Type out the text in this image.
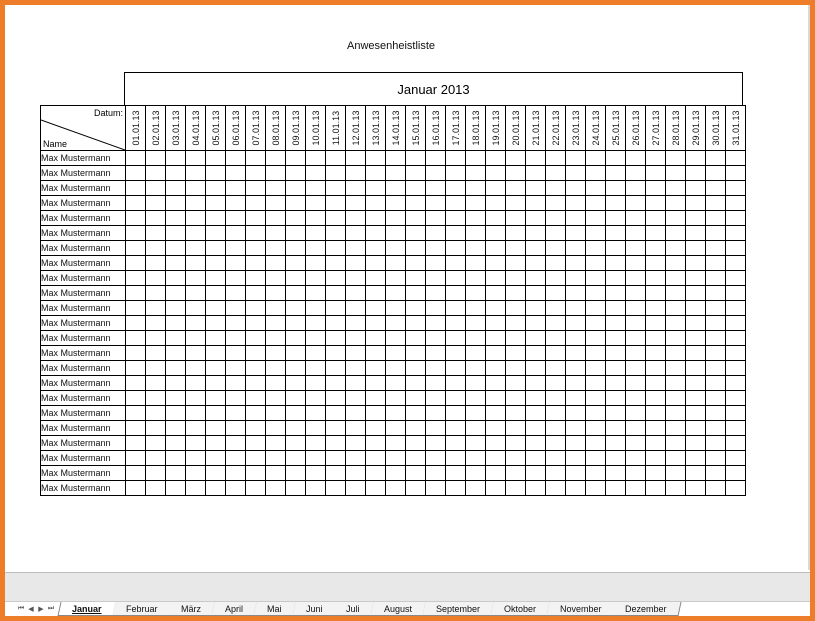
Anwesenheistliste
Januar 2013
Datum:
Name	01.01.13	02.01.13	03.01.13	04.01.13	05.01.13	06.01.13	07.01.13	08.01.13	09.01.13	10.01.13	11.01.13	12.01.13	13.01.13	14.01.13	15.01.13	16.01.13	17.01.13	18.01.13	19.01.13	20.01.13	21.01.13	22.01.13	23.01.13	24.01.13	25.01.13	26.01.13	27.01.13	28.01.13	29.01.13	30.01.13	31.01.13

Max Mustermann																															
Max Mustermann																															
Max Mustermann																															
Max Mustermann																															
Max Mustermann																															
Max Mustermann																															
Max Mustermann																															
Max Mustermann																															
Max Mustermann																															
Max Mustermann																															
Max Mustermann																															
Max Mustermann																															
Max Mustermann																															
Max Mustermann																															
Max Mustermann																															
Max Mustermann																															
Max Mustermann																															
Max Mustermann																															
Max Mustermann																															
Max Mustermann																															
Max Mustermann																															
Max Mustermann																															
Max Mustermann																															
⏮ ◀ ▶ ⏭ Januar	Februar	März	April	Mai	Juni	Juli	August	September	Oktober	November	Dezember
